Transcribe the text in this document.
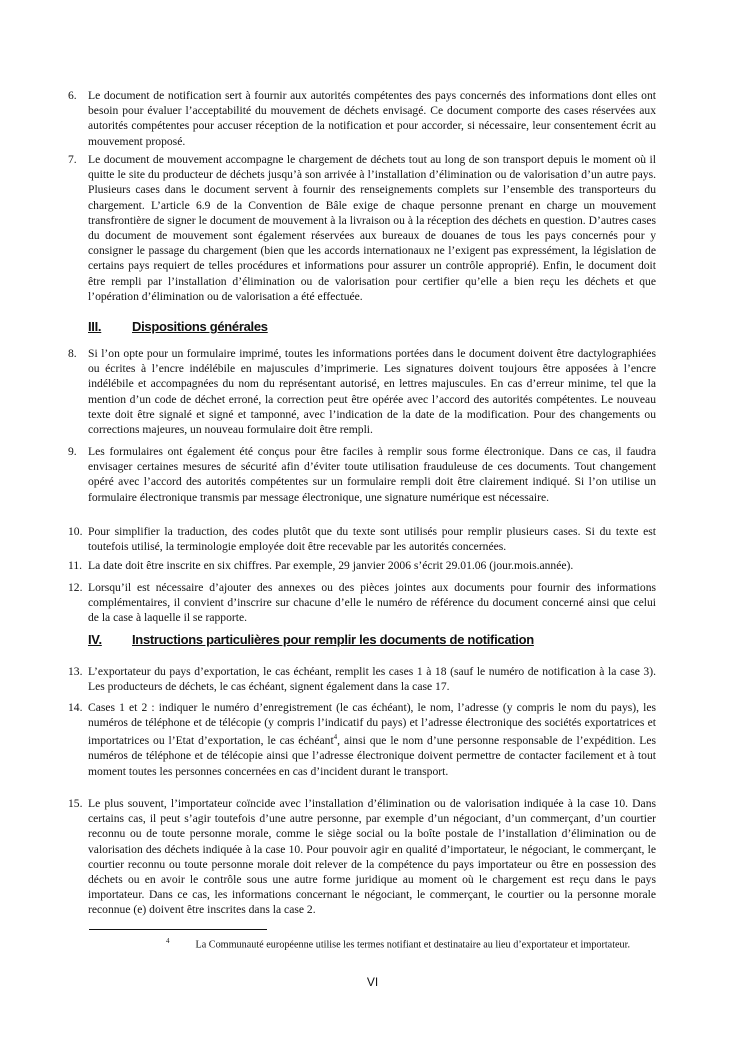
6. Le document de notification sert à fournir aux autorités compétentes des pays concernés des informations dont elles ont besoin pour évaluer l’acceptabilité du mouvement de déchets envisagé. Ce document comporte des cases réservées aux autorités compétentes pour accuser réception de la notification et pour accorder, si nécessaire, leur consentement écrit au mouvement proposé.
7. Le document de mouvement accompagne le chargement de déchets tout au long de son transport depuis le moment où il quitte le site du producteur de déchets jusqu’à son arrivée à l’installation d’élimination ou de valorisation d’un autre pays. Plusieurs cases dans le document servent à fournir des renseignements complets sur l’ensemble des transporteurs du chargement. L’article 6.9 de la Convention de Bâle exige de chaque personne prenant en charge un mouvement transfrontière de signer le document de mouvement à la livraison ou à la réception des déchets en question. D’autres cases du document de mouvement sont également réservées aux bureaux de douanes de tous les pays concernés pour y consigner le passage du chargement (bien que les accords internationaux ne l’exigent pas expressément, la législation de certains pays requiert de telles procédures et informations pour assurer un contrôle approprié). Enfin, le document doit être rempli par l’installation d’élimination ou de valorisation pour certifier qu’elle a bien reçu les déchets et que l’opération d’élimination ou de valorisation a été effectuée.
III. Dispositions générales
8. Si l’on opte pour un formulaire imprimé, toutes les informations portées dans le document doivent être dactylographiées ou écrites à l’encre indélébile en majuscules d’imprimerie. Les signatures doivent toujours être apposées à l’encre indélébile et accompagnées du nom du représentant autorisé, en lettres majuscules. En cas d’erreur minime, tel que la mention d’un code de déchet erroné, la correction peut être opérée avec l’accord des autorités compétentes. Le nouveau texte doit être signalé et signé et tamponné, avec l’indication de la date de la modification. Pour des changements ou corrections majeures, un nouveau formulaire doit être rempli.
9. Les formulaires ont également été conçus pour être faciles à remplir sous forme électronique. Dans ce cas, il faudra envisager certaines mesures de sécurité afin d’éviter toute utilisation frauduleuse de ces documents. Tout changement opéré avec l’accord des autorités compétentes sur un formulaire rempli doit être clairement indiqué. Si l’on utilise un formulaire électronique transmis par message électronique, une signature numérique est nécessaire.
10. Pour simplifier la traduction, des codes plutôt que du texte sont utilisés pour remplir plusieurs cases. Si du texte est toutefois utilisé, la terminologie employée doit être recevable par les autorités concernées.
11. La date doit être inscrite en six chiffres. Par exemple, 29 janvier 2006 s’écrit 29.01.06 (jour.mois.année).
12. Lorsqu’il est nécessaire d’ajouter des annexes ou des pièces jointes aux documents pour fournir des informations complémentaires, il convient d’inscrire sur chacune d’elle le numéro de référence du document concerné ainsi que celui de la case à laquelle il se rapporte.
IV. Instructions particulières pour remplir les documents de notification
13. L’exportateur du pays d’exportation, le cas échéant, remplit les cases 1 à 18 (sauf le numéro de notification à la case 3). Les producteurs de déchets, le cas échéant, signent également dans la case 17.
14. Cases 1 et 2 : indiquer le numéro d’enregistrement (le cas échéant), le nom, l’adresse (y compris le nom du pays), les numéros de téléphone et de télécopie (y compris l’indicatif du pays) et l’adresse électronique des sociétés exportatrices et importatrices ou l’Etat d’exportation, le cas échéant$^4$, ainsi que le nom d’une personne responsable de l’expédition. Les numéros de téléphone et de télécopie ainsi que l’adresse électronique doivent permettre de contacter facilement et à tout moment toutes les personnes concernées en cas d’incident durant le transport.
15. Le plus souvent, l’importateur coïncide avec l’installation d’élimination ou de valorisation indiquée à la case 10. Dans certains cas, il peut s’agir toutefois d’une autre personne, par exemple d’un négociant, d’un commerçant, d’un courtier reconnu ou de toute personne morale, comme le siège social ou la boîte postale de l’installation d’élimination ou de valorisation des déchets indiquée à la case 10. Pour pouvoir agir en qualité d’importateur, le négociant, le commerçant, le courtier reconnu ou toute personne morale doit relever de la compétence du pays importateur ou être en possession des déchets ou en avoir le contrôle sous une autre forme juridique au moment où le chargement est reçu dans le pays importateur. Dans ce cas, les informations concernant le négociant, le commerçant, le courtier ou la personne morale reconnue (e) doivent être inscrites dans la case 2.
$^4$	La Communauté européenne utilise les termes notifiant et destinataire au lieu d’exportateur et importateur.
VI
